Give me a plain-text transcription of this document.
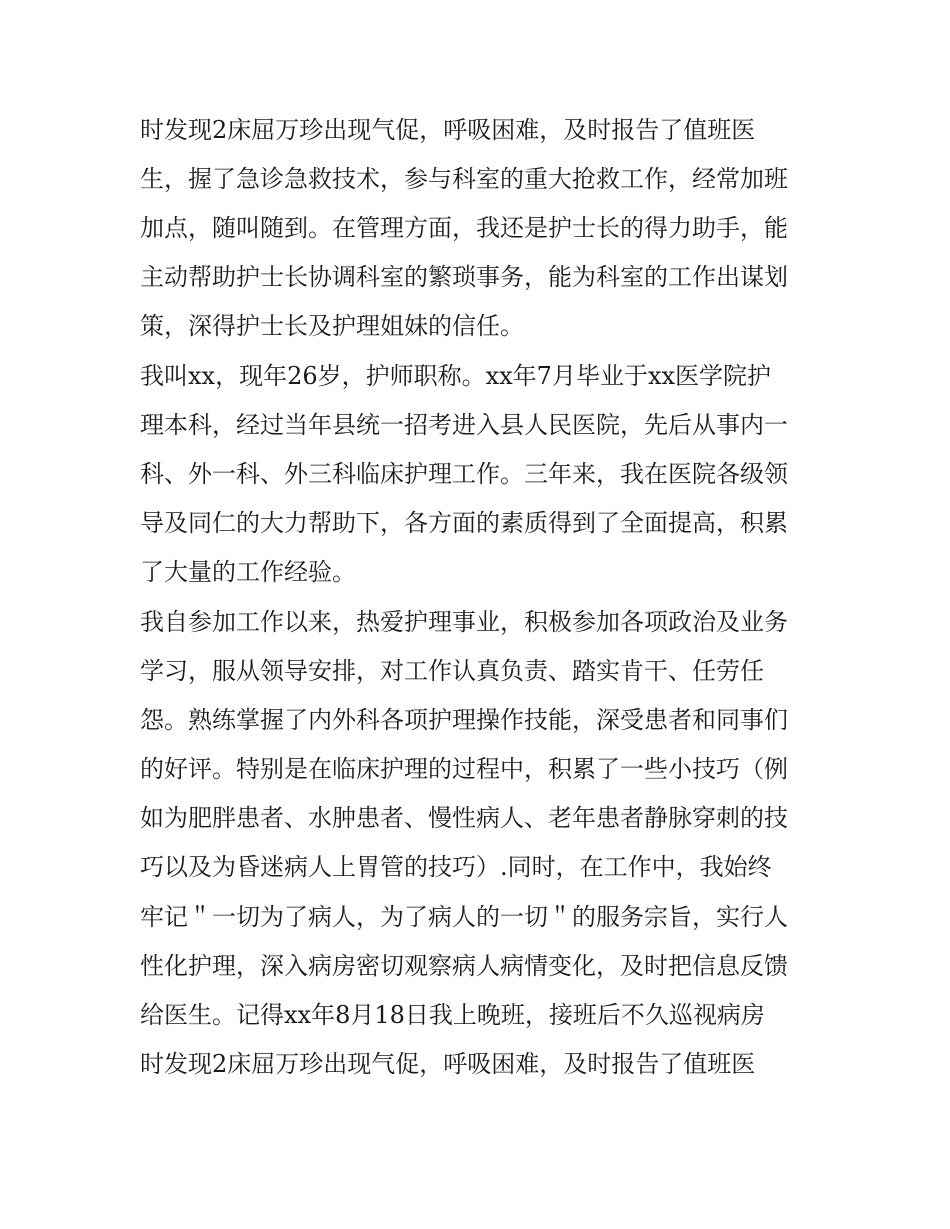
时发现2床屈万珍出现气促，呼吸困难，及时报告了值班医
生，握了急诊急救技术，参与科室的重大抢救工作，经常加班
加点，随叫随到。在管理方面，我还是护士长的得力助手，能
主动帮助护士长协调科室的繁琐事务，能为科室的工作出谋划
策，深得护士长及护理姐妹的信任。
我叫xx，现年26岁，护师职称。xx年7月毕业于xx医学院护
理本科，经过当年县统一招考进入县人民医院，先后从事内一
科、外一科、外三科临床护理工作。三年来，我在医院各级领
导及同仁的大力帮助下，各方面的素质得到了全面提高，积累
了大量的工作经验。
我自参加工作以来，热爱护理事业，积极参加各项政治及业务
学习，服从领导安排，对工作认真负责、踏实肯干、任劳任
怨。熟练掌握了内外科各项护理操作技能，深受患者和同事们
的好评。特别是在临床护理的过程中，积累了一些小技巧（例
如为肥胖患者、水肿患者、慢性病人、老年患者静脉穿刺的技
巧以及为昏迷病人上胃管的技巧）.同时，在工作中，我始终
牢记＂一切为了病人，为了病人的一切＂的服务宗旨，实行人
性化护理，深入病房密切观察病人病情变化，及时把信息反馈
给医生。记得xx年8月18日我上晚班，接班后不久巡视病房
时发现2床屈万珍出现气促，呼吸困难，及时报告了值班医
